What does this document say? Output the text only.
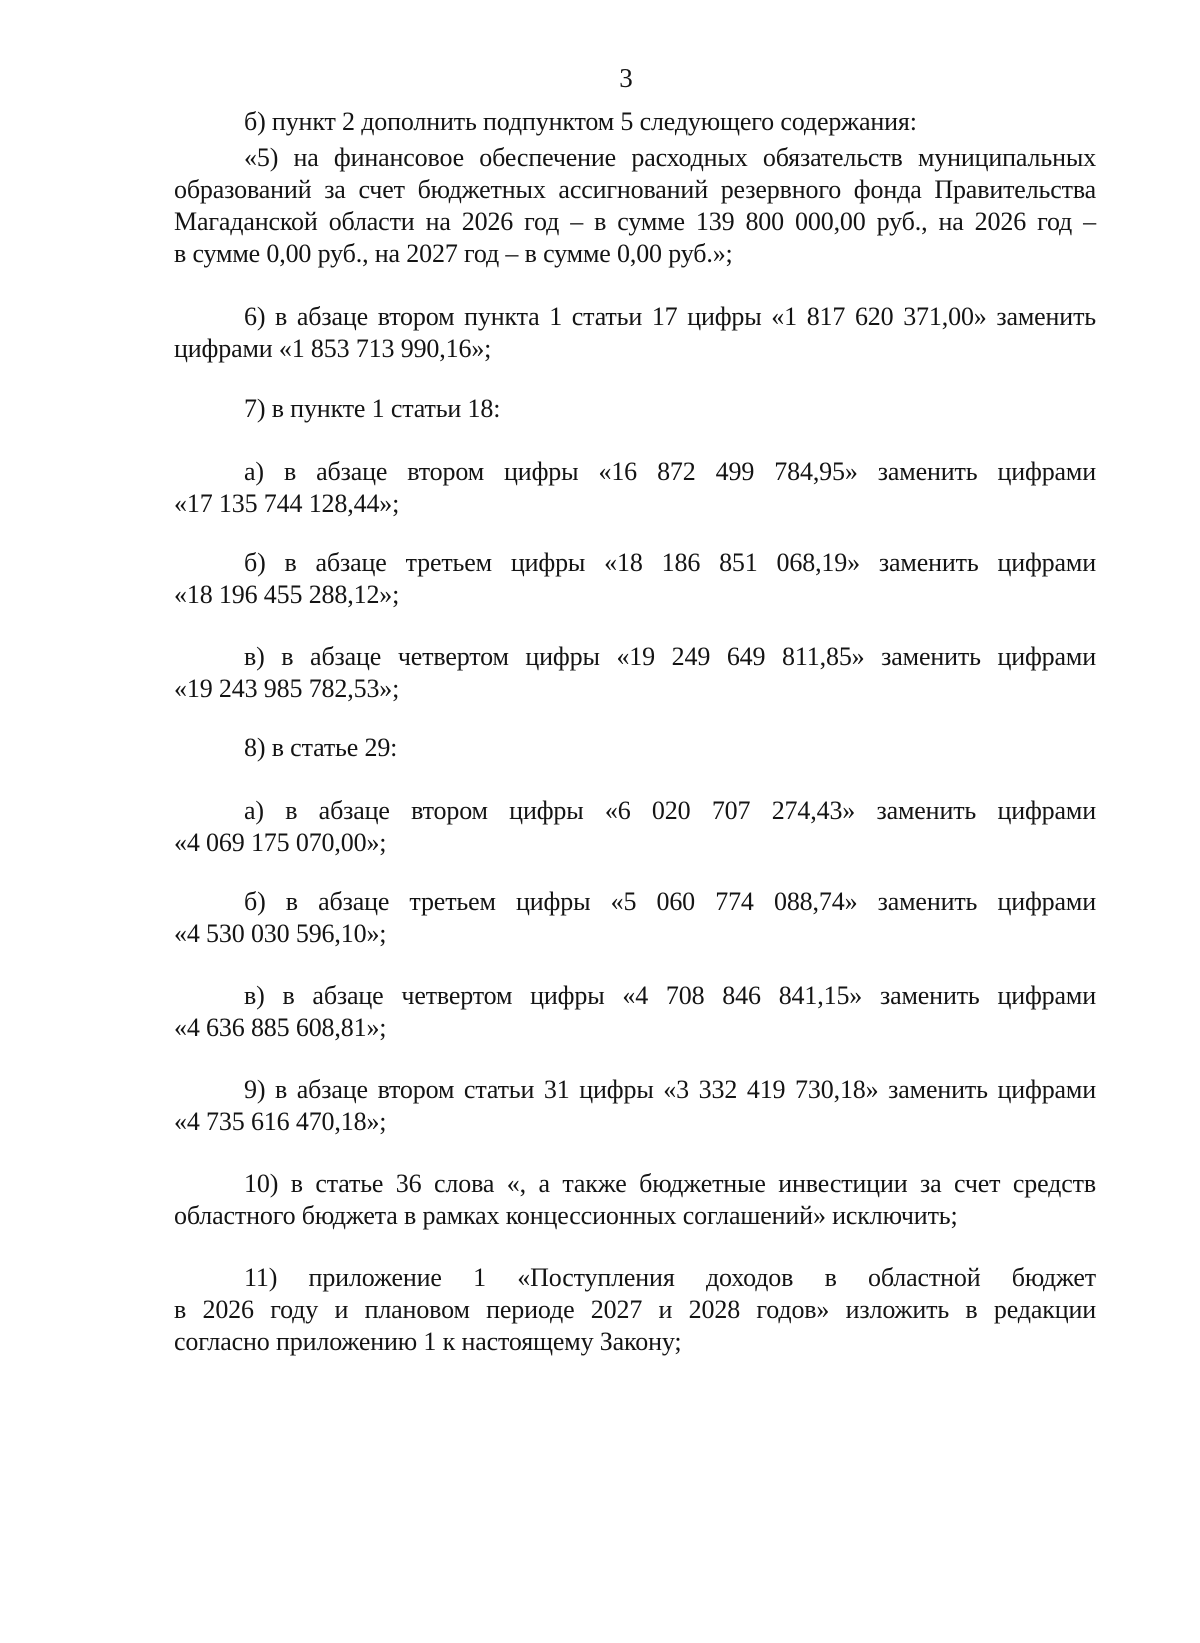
3
б) пункт 2 дополнить подпунктом 5 следующего содержания:
«5) на финансовое обеспечение расходных обязательств муниципальных
образований за счет бюджетных ассигнований резервного фонда Правительства
Магаданской области на 2026 год – в сумме 139 800 000,00 руб., на 2026 год –
в сумме 0,00 руб., на 2027 год – в сумме 0,00 руб.»;
6) в абзаце втором пункта 1 статьи 17 цифры «1 817 620 371,00» заменить
цифрами «1 853 713 990,16»;
7) в пункте 1 статьи 18:
а) в абзаце втором цифры «16 872 499 784,95» заменить цифрами
«17 135 744 128,44»;
б) в абзаце третьем цифры «18 186 851 068,19» заменить цифрами
«18 196 455 288,12»;
в) в абзаце четвертом цифры «19 249 649 811,85» заменить цифрами
«19 243 985 782,53»;
8) в статье 29:
а) в абзаце втором цифры «6 020 707 274,43» заменить цифрами
«4 069 175 070,00»;
б) в абзаце третьем цифры «5 060 774 088,74» заменить цифрами
«4 530 030 596,10»;
в) в абзаце четвертом цифры «4 708 846 841,15» заменить цифрами
«4 636 885 608,81»;
9) в абзаце втором статьи 31 цифры «3 332 419 730,18» заменить цифрами
«4 735 616 470,18»;
10) в статье 36 слова «, а также бюджетные инвестиции за счет средств
областного бюджета в рамках концессионных соглашений» исключить;
11) приложение 1 «Поступления доходов в областной бюджет
в 2026 году и плановом периоде 2027 и 2028 годов» изложить в редакции
согласно приложению 1 к настоящему Закону;
